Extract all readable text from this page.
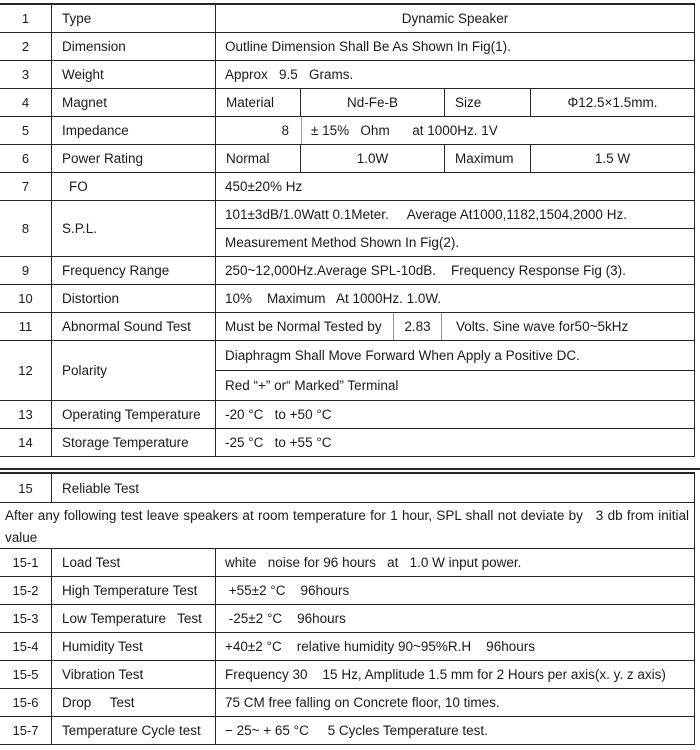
1	Type	Dynamic Speaker
2	Dimension	Outline Dimension Shall Be As Shown In Fig(1).
3	Weight	Approx   9.5   Grams.
4	Magnet	Material	Nd-Fe-B	Size	Φ12.5×1.5mm.
5	Impedance	8	± 15%   Ohm      at 1000Hz. 1V
6	Power Rating	Normal	1.0W	Maximum	1.5 W
7	FO	450±20% Hz
8	S.P.L.
101±3dB/1.0Watt 0.1Meter.     Average At1000,1182,1504,2000 Hz.
Measurement Method Shown In Fig(2).
9	Frequency Range	250~12,000Hz.Average SPL-10dB.    Frequency Response Fig (3).
10	Distortion	10%    Maximum   At 1000Hz. 1.0W.
11	Abnormal Sound Test	Must be Normal Tested by	2.83	Volts. Sine wave for50~5kHz
12	Polarity
Diaphragm Shall Move Forward When Apply a Positive DC.
Red “+” or“ Marked” Terminal
13	Operating Temperature	-20 °C   to +50 °C
14	Storage Temperature	-25 °C   to +55 °C
15	Reliable Test
After any following test leave speakers at room temperature for 1 hour, SPL shall not deviate by   3 db from initial value
15-1	Load Test	white   noise for 96 hours   at   1.0 W input power.
15-2	High Temperature Test	+55±2 °C    96hours
15-3	Low Temperature   Test	-25±2 °C    96hours
15-4	Humidity Test	+40±2 °C    relative humidity 90~95%R.H    96hours
15-5	Vibration Test	Frequency 30    15 Hz, Amplitude 1.5 mm for 2 Hours per axis(x. y. z axis)
15-6	Drop     Test	75 CM free falling on Concrete floor, 10 times.
15-7	Temperature Cycle test	− 25~ + 65 °C     5 Cycles Temperature test.
